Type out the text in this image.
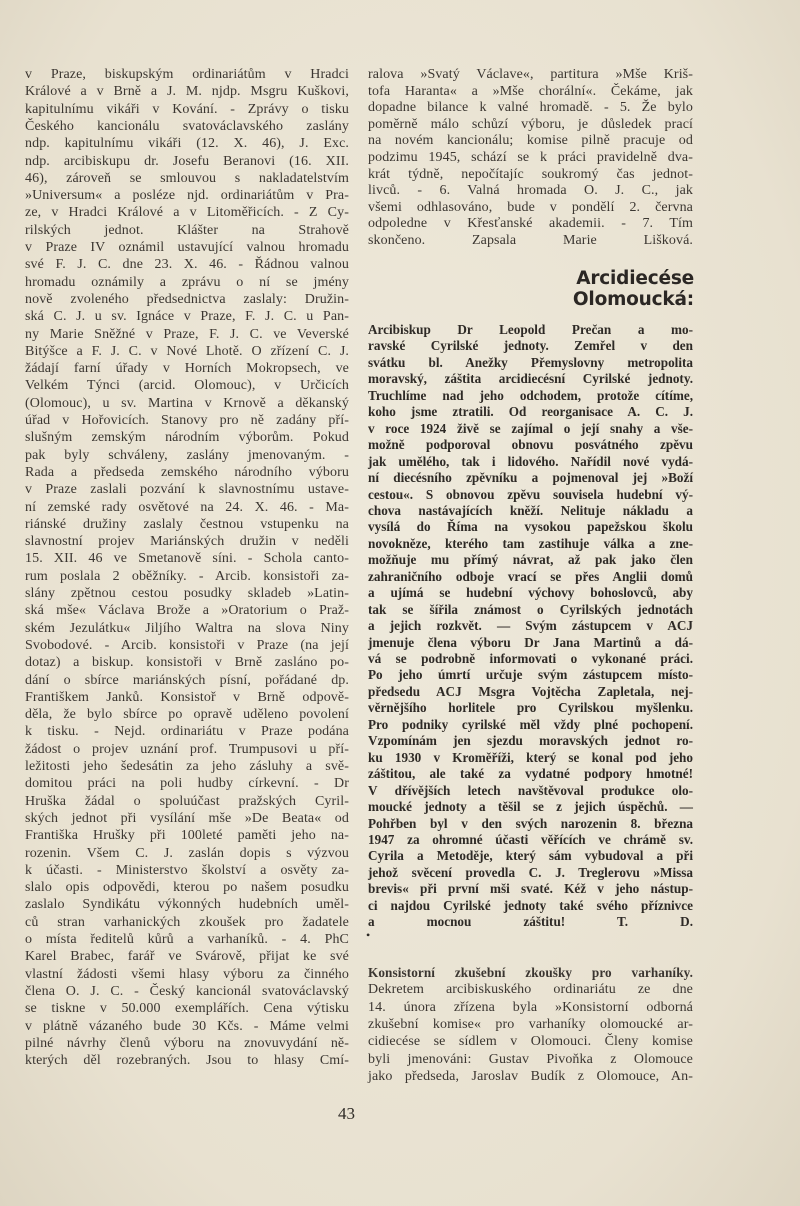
v Praze, biskupským ordinariátům v Hradci
Králové a v Brně a J. M. njdp. Msgru Kuškovi,
kapitulnímu vikáři v Kování. - Zprávy o tisku
Českého kancionálu svatováclavského zaslány
ndp. kapitulnímu vikáři (12. X. 46), J. Exc.
ndp. arcibiskupu dr. Josefu Beranovi (16. XII.
46), zároveň se smlouvou s nakladatelstvím
»Universum« a posléze njd. ordinariátům v Pra-
ze, v Hradci Králové a v Litoměřicích. - Z Cy-
rilských jednot. Klášter na Strahově
v Praze IV oznámil ustavující valnou hromadu
své F. J. C. dne 23. X. 46. - Řádnou valnou
hromadu oznámily a zprávu o ní se jmény
nově zvoleného předsednictva zaslaly: Družin-
ská C. J. u sv. Ignáce v Praze, F. J. C. u Pan-
ny Marie Sněžné v Praze, F. J. C. ve Veverské
Bitýšce a F. J. C. v Nové Lhotě. O zřízení C. J.
žádají farní úřady v Horních Mokropsech, ve
Velkém Týnci (arcid. Olomouc), v Určicích
(Olomouc), u sv. Martina v Krnově a děkanský
úřad v Hořovicích. Stanovy pro ně zadány pří-
slušným zemským národním výborům. Pokud
pak byly schváleny, zaslány jmenovaným. -
Rada a předseda zemského národního výboru
v Praze zaslali pozvání k slavnostnímu ustave-
ní zemské rady osvětové na 24. X. 46. - Ma-
riánské družiny zaslaly čestnou vstupenku na
slavnostní projev Mariánských družin v neděli
15. XII. 46 ve Smetanově síni. - Schola canto-
rum poslala 2 oběžníky. - Arcib. konsistoři za-
slány zpětnou cestou posudky skladeb »Latin-
ská mše« Václava Brože a »Oratorium o Praž-
ském Jezulátku« Jiljího Waltra na slova Niny
Svobodové. - Arcib. konsistoři v Praze (na její
dotaz) a biskup. konsistoři v Brně zasláno po-
dání o sbírce mariánských písní, pořádané dp.
Františkem Janků. Konsistoř v Brně odpově-
děla, že bylo sbírce po opravě uděleno povolení
k tisku. - Nejd. ordinariátu v Praze podána
žádost o projev uznání prof. Trumpusovi u pří-
ležitosti jeho šedesátin za jeho zásluhy a svě-
domitou práci na poli hudby církevní. - Dr
Hruška žádal o spoluúčast pražských Cyril-
ských jednot při vysílání mše »De Beata« od
Františka Hrušky při 100leté paměti jeho na-
rozenin. Všem C. J. zaslán dopis s výzvou
k účasti. - Ministerstvo školství a osvěty za-
slalo opis odpovědi, kterou po našem posudku
zaslalo Syndikátu výkonných hudebních uměl-
ců stran varhanických zkoušek pro žadatele
o místa ředitelů kůrů a varhaníků. - 4. PhC
Karel Brabec, farář ve Svárově, přijat ke své
vlastní žádosti všemi hlasy výboru za činného
člena O. J. C. - Český kancionál svatováclavský
se tiskne v 50.000 exemplářích. Cena výtisku
v plátně vázaného bude 30 Kčs. - Máme velmi
pilné návrhy členů výboru na znovuvydání ně-
kterých děl rozebraných. Jsou to hlasy Cmí-
ralova »Svatý Václave«, partitura »Mše Kriš-
tofa Haranta« a »Mše chorální«. Čekáme, jak
dopadne bilance k valné hromadě. - 5. Že bylo
poměrně málo schůzí výboru, je důsledek prací
na novém kancionálu; komise pilně pracuje od
podzimu 1945, schází se k práci pravidelně dva-
krát týdně, nepočítajíc soukromý čas jednot-
livců. - 6. Valná hromada O. J. C., jak
všemi odhlasováno, bude v pondělí 2. června
odpoledne v Křesťanské akademii. - 7. Tím
skončeno. Zapsala Marie Lišková.
Arcidiecése Olomoucká:
Arcibiskup Dr Leopold Prečan a mo-
ravské Cyrilské jednoty. Zemřel v den
svátku bl. Anežky Přemyslovny metropolita
moravský, záštita arcidiecésní Cyrilské jednoty.
Truchlíme nad jeho odchodem, protože cítíme,
koho jsme ztratili. Od reorganisace A. C. J.
v roce 1924 živě se zajímal o její snahy a vše-
možně podporoval obnovu posvátného zpěvu
jak umělého, tak i lidového. Nařídil nové vydá-
ní diecésního zpěvníku a pojmenoval jej »Boží
cestou«. S obnovou zpěvu souvisela hudební vý-
chova nastávajících kněží. Nelituje nákladu a
vysílá do Říma na vysokou papežskou školu
novokněze, kterého tam zastihuje válka a zne-
možňuje mu přímý návrat, až pak jako člen
zahraničního odboje vrací se přes Anglii domů
a ujímá se hudební výchovy bohoslovců, aby
tak se šířila známost o Cyrilských jednotách
a jejich rozkvět. — Svým zástupcem v ACJ
jmenuje člena výboru Dr Jana Martinů a dá-
vá se podrobně informovati o vykonané práci.
Po jeho úmrtí určuje svým zástupcem místo-
předsedu ACJ Msgra Vojtěcha Zapletala, nej-
věrnějšího horlitele pro Cyrilskou myšlenku.
Pro podniky cyrilské měl vždy plné pochopení.
Vzpomínám jen sjezdu moravských jednot ro-
ku 1930 v Kroměříži, který se konal pod jeho
záštitou, ale také za vydatné podpory hmotné!
V dřívějších letech navštěvoval produkce olo-
moucké jednoty a těšil se z jejich úspěchů. —
Pohřben byl v den svých narozenin 8. března
1947 za ohromné účasti věřících ve chrámě sv.
Cyrila a Metoděje, který sám vybudoval a při
jehož svěcení provedla C. J. Treglerovu »Missa
brevis« při první mši svaté. Kéž v jeho nástup-
ci najdou Cyrilské jednoty také svého příznivce
a mocnou záštitu! T. D.
•
Konsistorní zkušební zkoušky pro varhaníky.
Dekretem arcibiskuského ordinariátu ze dne
14. února zřízena byla »Konsistorní odborná
zkušební komise« pro varhaníky olomoucké ar-
cidiecése se sídlem v Olomouci. Členy komise
byli jmenováni: Gustav Pivoňka z Olomouce
jako předseda, Jaroslav Budík z Olomouce, An-
43
